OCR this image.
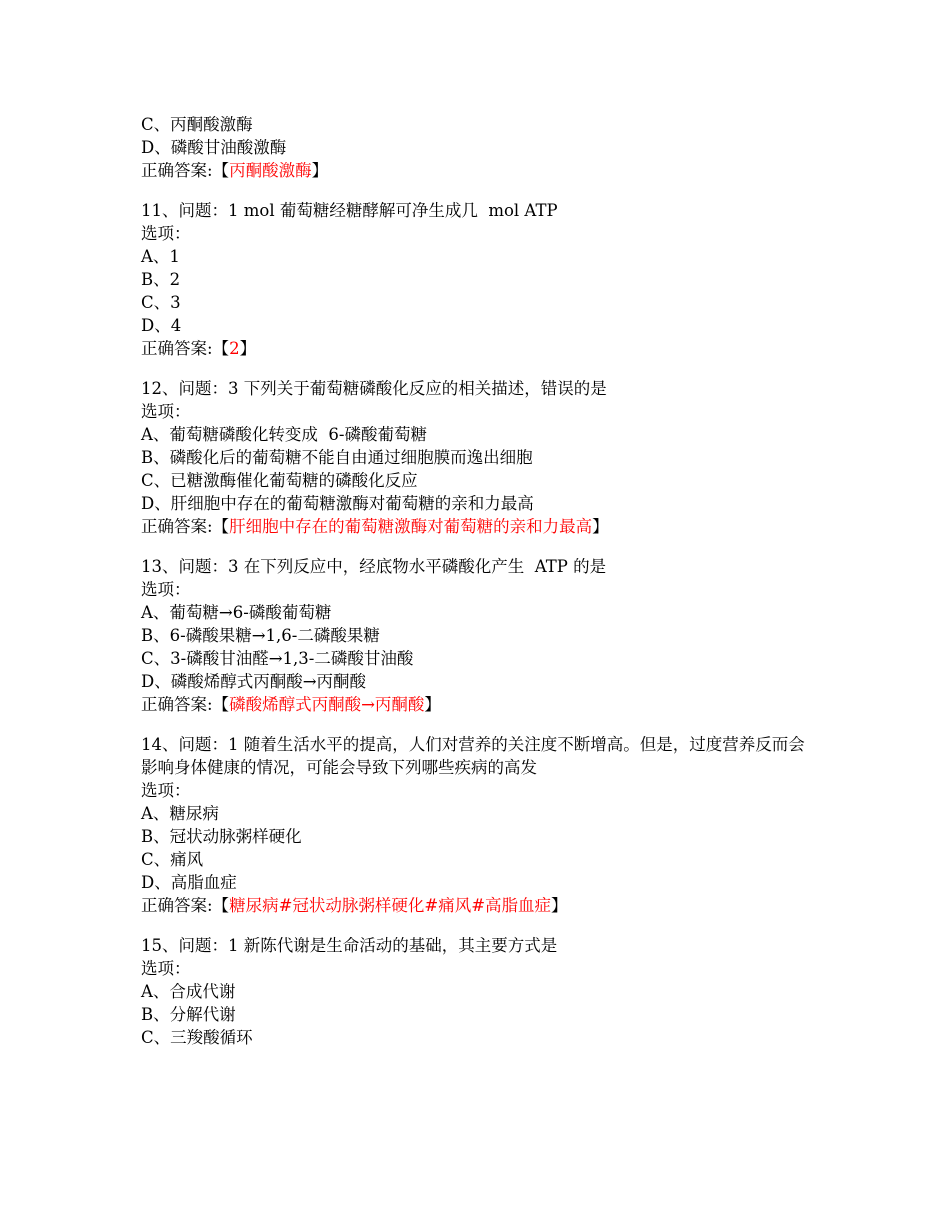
C、丙酮酸激酶

D、磷酸甘油酸激酶

正确答案:【丙酮酸激酶】

11、问题：1 mol 葡萄糖经糖酵解可净生成几  mol ATP

选项：

A、1

B、2

C、3

D、4

正确答案:【2】

12、问题：3 下列关于葡萄糖磷酸化反应的相关描述，错误的是

选项：

A、葡萄糖磷酸化转变成  6-磷酸葡萄糖

B、磷酸化后的葡萄糖不能自由通过细胞膜而逸出细胞

C、已糖激酶催化葡萄糖的磷酸化反应

D、肝细胞中存在的葡萄糖激酶对葡萄糖的亲和力最高

正确答案:【肝细胞中存在的葡萄糖激酶对葡萄糖的亲和力最高】

13、问题：3 在下列反应中，经底物水平磷酸化产生  ATP 的是

选项：

A、葡萄糖→6-磷酸葡萄糖

B、6-磷酸果糖→1,6-二磷酸果糖

C、3-磷酸甘油醛→1,3-二磷酸甘油酸

D、磷酸烯醇式丙酮酸→丙酮酸

正确答案:【磷酸烯醇式丙酮酸→丙酮酸】

14、问题：1 随着生活水平的提高，人们对营养的关注度不断增高。但是，过度营养反而会影响身体健康的情况，可能会导致下列哪些疾病的高发

选项：

A、糖尿病

B、冠状动脉粥样硬化

C、痛风

D、高脂血症

正确答案:【糖尿病#冠状动脉粥样硬化#痛风#高脂血症】

15、问题：1 新陈代谢是生命活动的基础，其主要方式是

选项：

A、合成代谢

B、分解代谢

C、三羧酸循环
